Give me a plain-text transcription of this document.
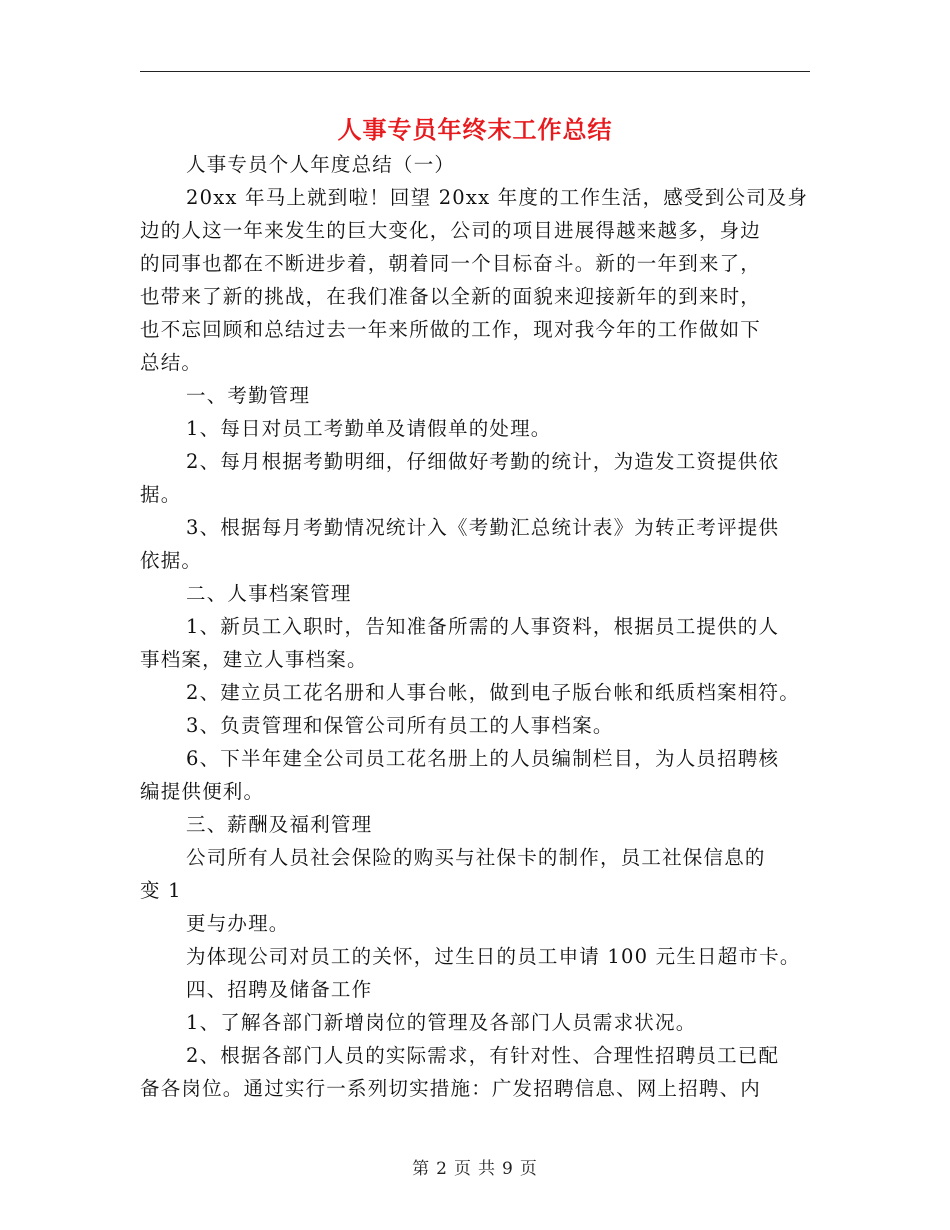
人事专员年终末工作总结
人事专员个人年度总结（一）
20xx 年马上就到啦！回望 20xx 年度的工作生活，感受到公司及身
边的人这一年来发生的巨大变化，公司的项目进展得越来越多，身边
的同事也都在不断进步着，朝着同一个目标奋斗。新的一年到来了，
也带来了新的挑战，在我们准备以全新的面貌来迎接新年的到来时，
也不忘回顾和总结过去一年来所做的工作，现对我今年的工作做如下
总结。
一、考勤管理
1、每日对员工考勤单及请假单的处理。
2、每月根据考勤明细，仔细做好考勤的统计，为造发工资提供依
据。
3、根据每月考勤情况统计入《考勤汇总统计表》为转正考评提供
依据。
二、人事档案管理
1、新员工入职时，告知准备所需的人事资料，根据员工提供的人
事档案，建立人事档案。
2、建立员工花名册和人事台帐，做到电子版台帐和纸质档案相符。
3、负责管理和保管公司所有员工的人事档案。
6、下半年建全公司员工花名册上的人员编制栏目，为人员招聘核
编提供便利。
三、薪酬及福利管理
公司所有人员社会保险的购买与社保卡的制作，员工社保信息的
变 1
更与办理。
为体现公司对员工的关怀，过生日的员工申请 100 元生日超市卡。
四、招聘及储备工作
1、了解各部门新增岗位的管理及各部门人员需求状况。
2、根据各部门人员的实际需求，有针对性、合理性招聘员工已配
备各岗位。通过实行一系列切实措施：广发招聘信息、网上招聘、内
第 2 页 共 9 页
